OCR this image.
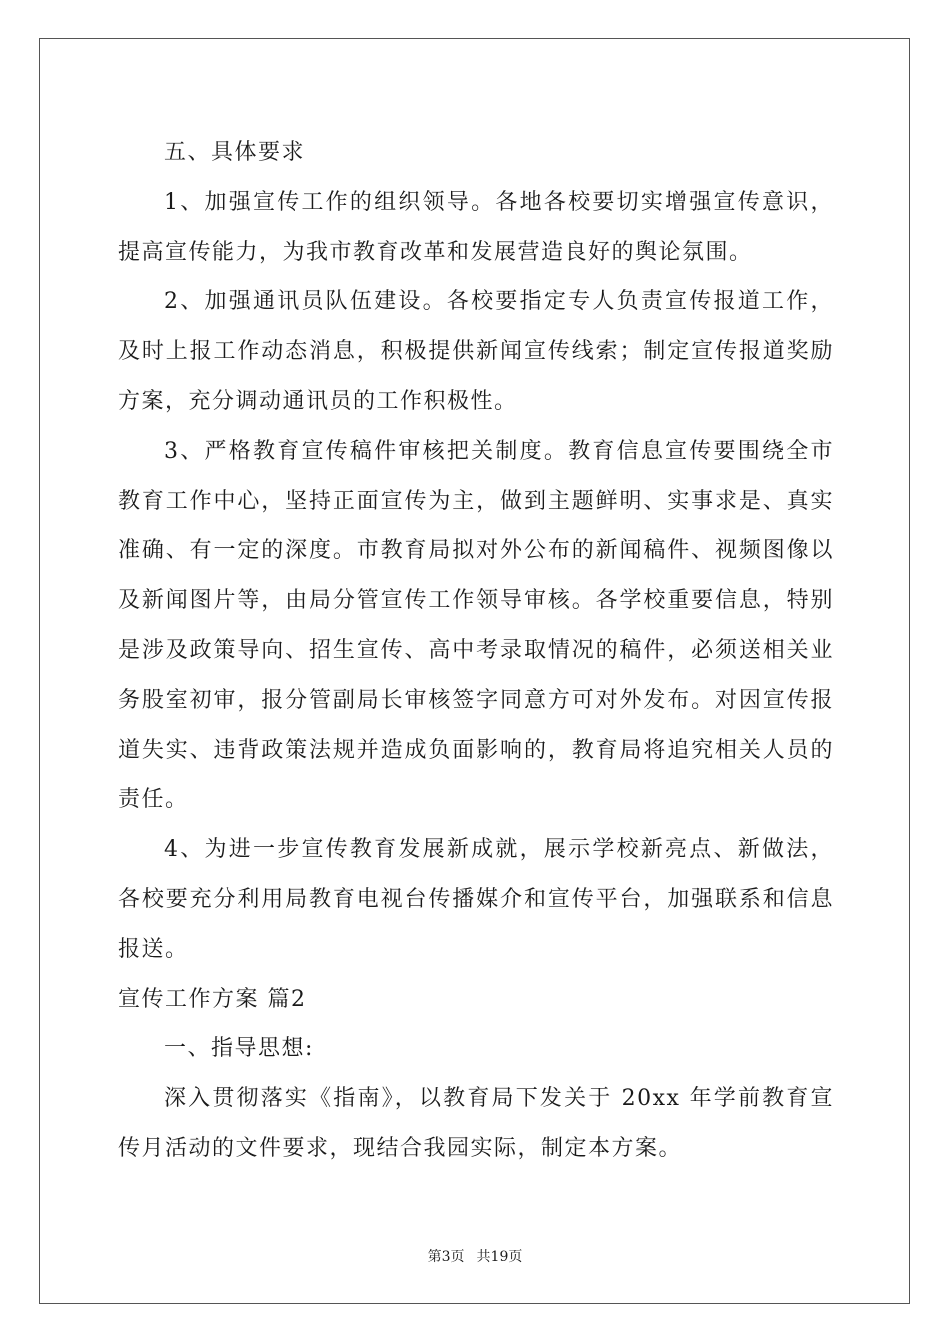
五、具体要求

1、加强宣传工作的组织领导。各地各校要切实增强宣传意识，提高宣传能力，为我市教育改革和发展营造良好的舆论氛围。

2、加强通讯员队伍建设。各校要指定专人负责宣传报道工作，及时上报工作动态消息，积极提供新闻宣传线索；制定宣传报道奖励方案，充分调动通讯员的工作积极性。

3、严格教育宣传稿件审核把关制度。教育信息宣传要围绕全市教育工作中心，坚持正面宣传为主，做到主题鲜明、实事求是、真实准确、有一定的深度。市教育局拟对外公布的新闻稿件、视频图像以及新闻图片等，由局分管宣传工作领导审核。各学校重要信息，特别是涉及政策导向、招生宣传、高中考录取情况的稿件，必须送相关业务股室初审，报分管副局长审核签字同意方可对外发布。对因宣传报道失实、违背政策法规并造成负面影响的，教育局将追究相关人员的责任。

4、为进一步宣传教育发展新成就，展示学校新亮点、新做法，各校要充分利用局教育电视台传播媒介和宣传平台，加强联系和信息报送。

宣传工作方案 篇2

一、指导思想:

深入贯彻落实《指南》，以教育局下发关于 20xx 年学前教育宣传月活动的文件要求，现结合我园实际，制定本方案。

第3页 共19页
